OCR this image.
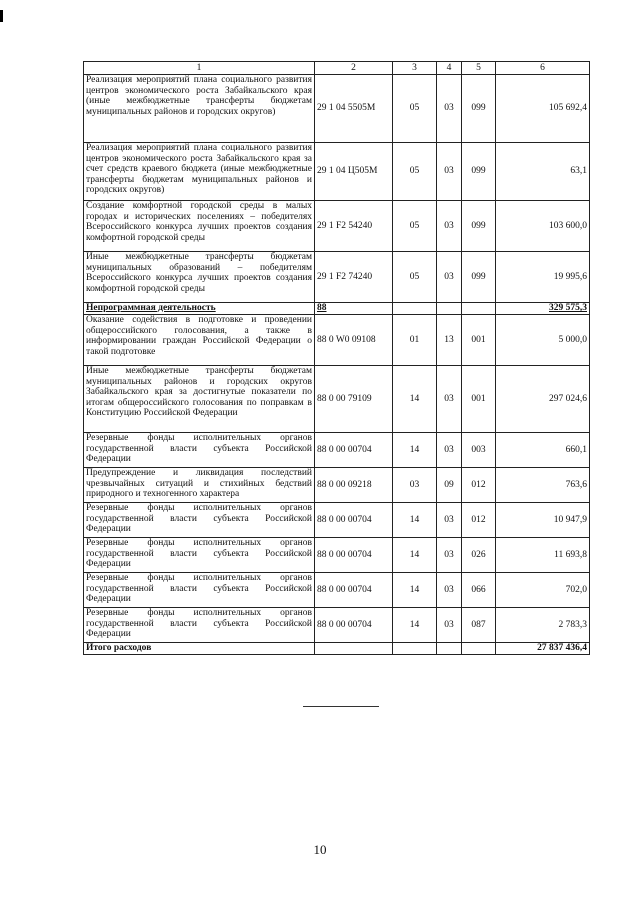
1	2	3	4	5	6
Реализация мероприятий плана социального развития центров экономического роста Забайкальского края (иные межбюджетные трансферты бюджетам муниципальных районов и городских округов)	29 1 04 5505М	05	03	099	105 692,4
Реализация мероприятий плана социального развития центров экономического роста Забайкальского края за счет средств краевого бюджета (иные межбюджетные трансферты бюджетам муниципальных районов и городских округов)	29 1 04 Ц505М	05	03	099	63,1
Создание комфортной городской среды в малых городах и исторических поселениях – победителях Всероссийского конкурса лучших проектов создания комфортной городской среды	29 1 F2 54240	05	03	099	103 600,0
Иные межбюджетные трансферты бюджетам муниципальных образований – победителям Всероссийского конкурса лучших проектов создания комфортной городской среды	29 1 F2 74240	05	03	099	19 995,6
Непрограммная деятельность	88				329 575,3
Оказание содействия в подготовке и проведении общероссийского голосования, а также в информировании граждан Российской Федерации о такой подготовке	88 0 W0 09108	01	13	001	5 000,0
Иные межбюджетные трансферты бюджетам муниципальных районов и городских округов Забайкальского края за достигнутые показатели по итогам общероссийского голосования по поправкам в Конституцию Российской Федерации	88 0 00 79109	14	03	001	297 024,6
Резервные фонды исполнительных органов государственной власти субъекта Российской Федерации	88 0 00 00704	14	03	003	660,1
Предупреждение и ликвидация последствий чрезвычайных ситуаций и стихийных бедствий природного и техногенного характера	88 0 00 09218	03	09	012	763,6
Резервные фонды исполнительных органов государственной власти субъекта Российской Федерации	88 0 00 00704	14	03	012	10 947,9
Резервные фонды исполнительных органов государственной власти субъекта Российской Федерации	88 0 00 00704	14	03	026	11 693,8
Резервные фонды исполнительных органов государственной власти субъекта Российской Федерации	88 0 00 00704	14	03	066	702,0
Резервные фонды исполнительных органов государственной власти субъекта Российской Федерации	88 0 00 00704	14	03	087	2 783,3
Итого расходов					27 837 436,4
10
